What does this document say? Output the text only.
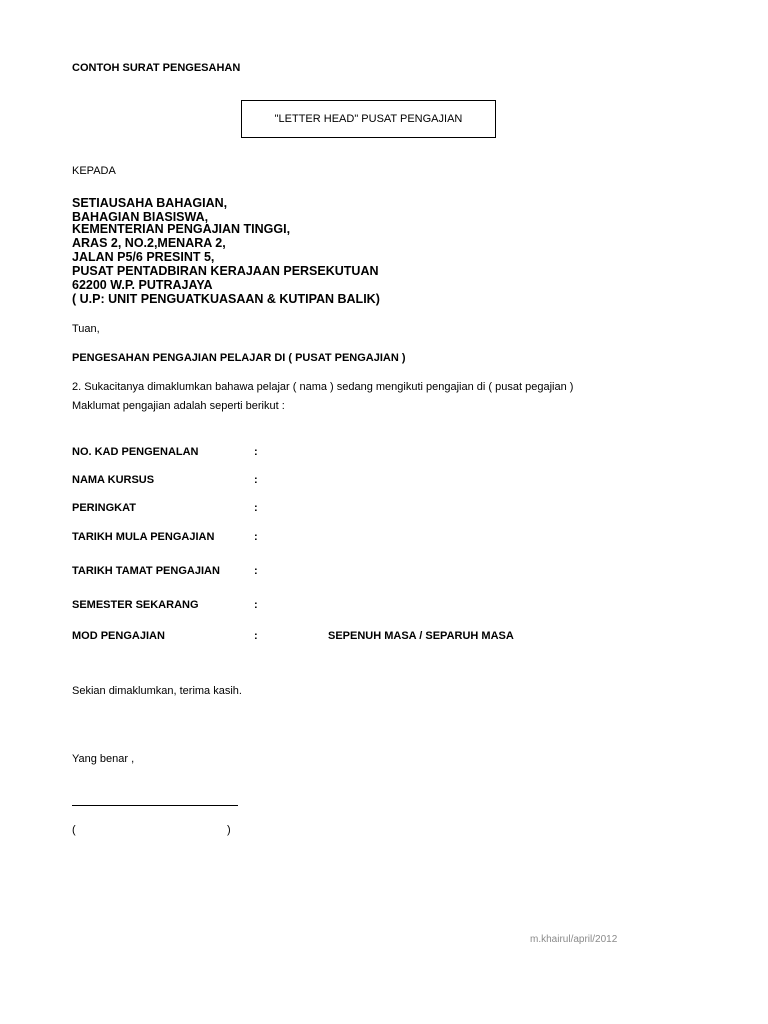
CONTOH SURAT PENGESAHAN
"LETTER HEAD" PUSAT PENGAJIAN
KEPADA
SETIAUSAHA BAHAGIAN,
BAHAGIAN BIASISWA,
KEMENTERIAN PENGAJIAN TINGGI,
ARAS 2, NO.2,MENARA 2,
JALAN P5/6 PRESINT 5,
PUSAT PENTADBIRAN KERAJAAN PERSEKUTUAN
62200 W.P. PUTRAJAYA
( U.P: UNIT PENGUATKUASAAN & KUTIPAN BALIK)
Tuan,
PENGESAHAN PENGAJIAN PELAJAR DI ( PUSAT PENGAJIAN )
2. Sukacitanya dimaklumkan bahawa pelajar ( nama ) sedang mengikuti pengajian di ( pusat pegajian )
Maklumat pengajian adalah seperti berikut :
NO. KAD PENGENALAN	:
NAMA KURSUS	:
PERINGKAT	:
TARIKH MULA PENGAJIAN	:
TARIKH TAMAT PENGAJIAN	:
SEMESTER SEKARANG	:
MOD PENGAJIAN	:	SEPENUH MASA / SEPARUH MASA
Sekian dimaklumkan, terima kasih.
Yang benar ,
(	)
m.khairul/april/2012
